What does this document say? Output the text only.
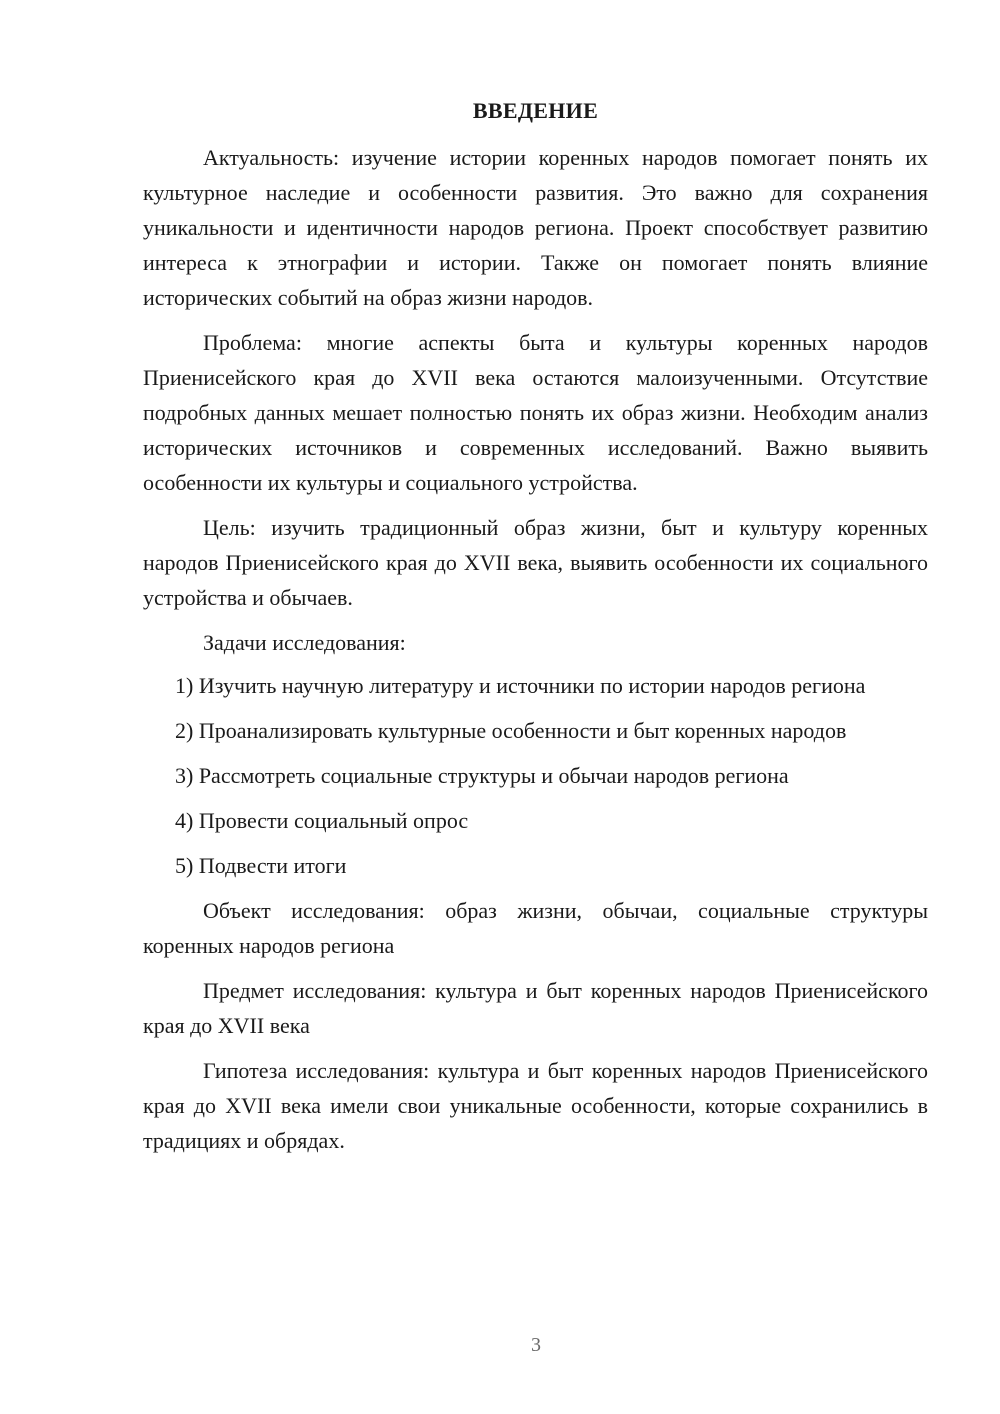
ВВЕДЕНИЕ

Актуальность: изучение истории коренных народов помогает понять их культурное наследие и особенности развития. Это важно для сохранения уникальности и идентичности народов региона. Проект способствует развитию интереса к этнографии и истории. Также он помогает понять влияние исторических событий на образ жизни народов.

Проблема: многие аспекты быта и культуры коренных народов Приенисейского края до XVII века остаются малоизученными. Отсутствие подробных данных мешает полностью понять их образ жизни. Необходим анализ исторических источников и современных исследований. Важно выявить особенности их культуры и социального устройства.

Цель: изучить традиционный образ жизни, быт и культуру коренных народов Приенисейского края до XVII века, выявить особенности их социального устройства и обычаев.

Задачи исследования:

1) Изучить научную литературу и источники по истории народов региона

2) Проанализировать культурные особенности и быт коренных народов

3) Рассмотреть социальные структуры и обычаи народов региона

4) Провести социальный опрос

5) Подвести итоги

Объект исследования: образ жизни, обычаи, социальные структуры коренных народов региона

Предмет исследования: культура и быт коренных народов Приенисейского края до XVII века

Гипотеза исследования: культура и быт коренных народов Приенисейского края до XVII века имели свои уникальные особенности, которые сохранились в традициях и обрядах.

3
